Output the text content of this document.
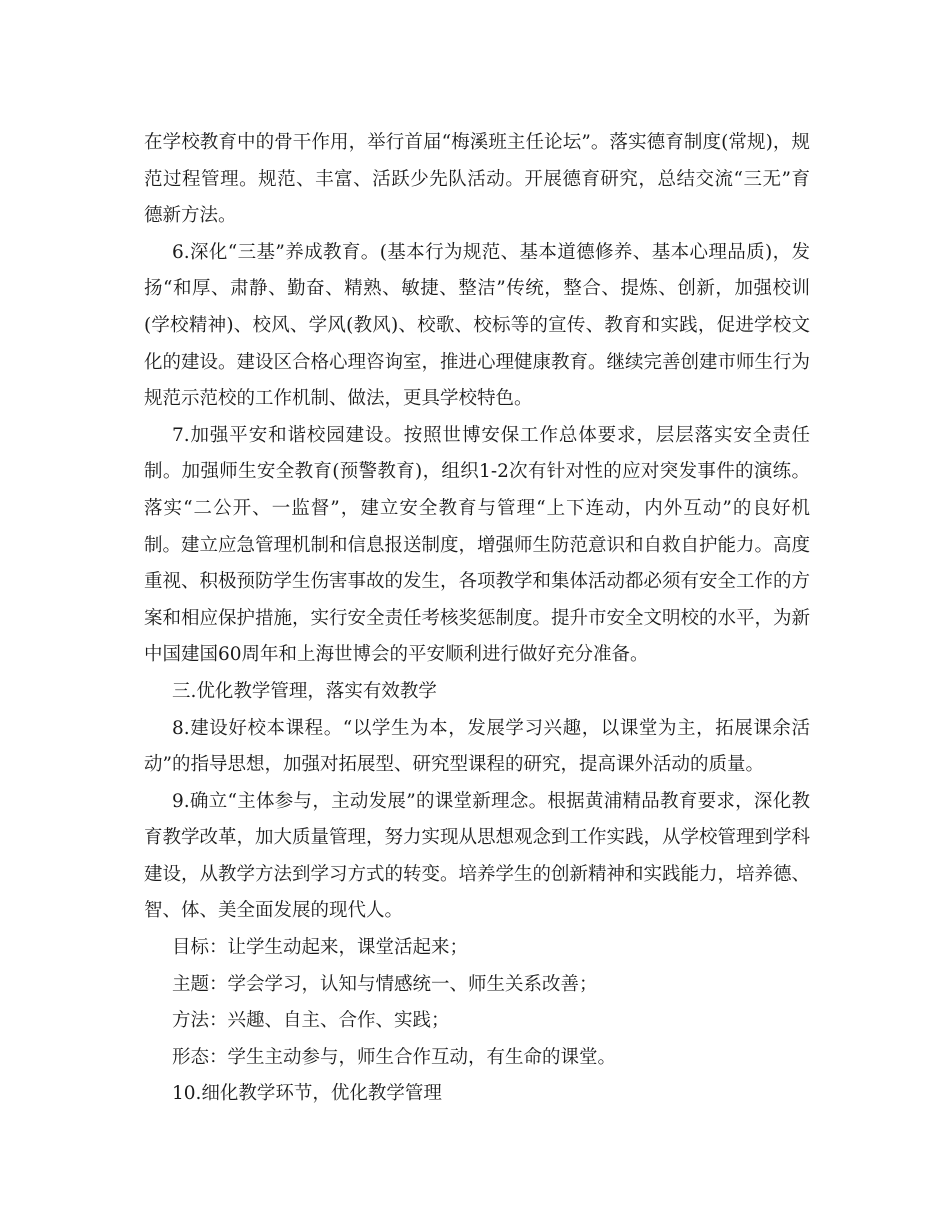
在学校教育中的骨干作用，举行首届“梅溪班主任论坛”。落实德育制度(常规)，规范过程管理。规范、丰富、活跃少先队活动。开展德育研究，总结交流“三无”育德新方法。

6.深化“三基”养成教育。(基本行为规范、基本道德修养、基本心理品质)，发扬“和厚、肃静、勤奋、精熟、敏捷、整洁”传统，整合、提炼、创新，加强校训(学校精神)、校风、学风(教风)、校歌、校标等的宣传、教育和实践，促进学校文化的建设。建设区合格心理咨询室，推进心理健康教育。继续完善创建市师生行为规范示范校的工作机制、做法，更具学校特色。

7.加强平安和谐校园建设。按照世博安保工作总体要求，层层落实安全责任制。加强师生安全教育(预警教育)，组织1-2次有针对性的应对突发事件的演练。落实“二公开、一监督”，建立安全教育与管理“上下连动，内外互动”的良好机制。建立应急管理机制和信息报送制度，增强师生防范意识和自救自护能力。高度重视、积极预防学生伤害事故的发生，各项教学和集体活动都必须有安全工作的方案和相应保护措施，实行安全责任考核奖惩制度。提升市安全文明校的水平，为新中国建国60周年和上海世博会的平安顺利进行做好充分准备。

三.优化教学管理，落实有效教学

8.建设好校本课程。“以学生为本，发展学习兴趣，以课堂为主，拓展课余活动”的指导思想，加强对拓展型、研究型课程的研究，提高课外活动的质量。

9.确立“主体参与，主动发展”的课堂新理念。根据黄浦精品教育要求，深化教育教学改革，加大质量管理，努力实现从思想观念到工作实践，从学校管理到学科建设，从教学方法到学习方式的转变。培养学生的创新精神和实践能力，培养德、智、体、美全面发展的现代人。

目标：让学生动起来，课堂活起来；

主题：学会学习，认知与情感统一、师生关系改善；

方法：兴趣、自主、合作、实践；

形态：学生主动参与，师生合作互动，有生命的课堂。

10.细化教学环节，优化教学管理
